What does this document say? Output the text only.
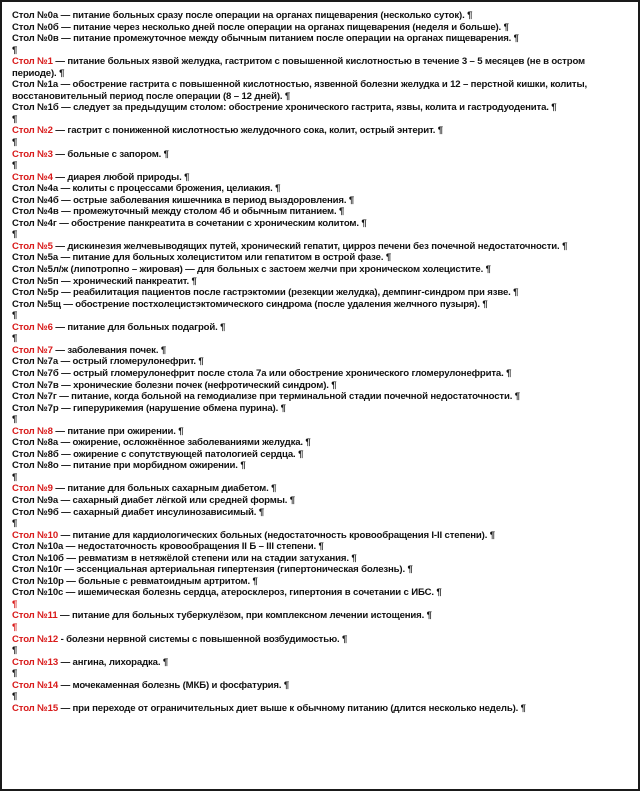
Стол №0а — питание больных сразу после операции на органах пищеварения (несколько суток). ¶
Стол №0б — питание через несколько дней после операции на органах пищеварения (неделя и больше). ¶
Стол №0в — питание промежуточное между обычным питанием после операции на органах пищеварения. ¶
¶
Стол №1 — питание больных язвой желудка, гастритом с повышенной кислотностью в течение 3 – 5 месяцев (не в остром периоде). ¶
Стол №1а — обострение гастрита с повышенной кислотностью, язвенной болезни желудка и 12 – перстной кишки, колиты, восстановительный период после операции (8 – 12 дней). ¶
Стол №1б — следует за предыдущим столом: обострение хронического гастрита, язвы, колита и гастродуоденита. ¶
¶
Стол №2 — гастрит с пониженной кислотностью желудочного сока, колит, острый энтерит. ¶
¶
Стол №3 — больные с запором. ¶
¶
Стол №4 — диарея любой природы. ¶
Стол №4а — колиты с процессами брожения, целиакия. ¶
Стол №4б — острые заболевания кишечника в период выздоровления. ¶
Стол №4в — промежуточный между столом 4б и обычным питанием. ¶
Стол №4г — обострение панкреатита в сочетании с хроническим колитом. ¶
¶
Стол №5 — дискинезия желчевыводящих путей, хронический гепатит, цирроз печени без почечной недостаточности. ¶
Стол №5а — питание для больных холециститом или гепатитом в острой фазе. ¶
Стол №5л/ж (липотропно – жировая) — для больных с застоем желчи при хроническом холецистите. ¶
Стол №5п — хронический панкреатит. ¶
Стол №5р — реабилитация пациентов после гастрэктомии (резекции желудка), демпинг-синдром при язве. ¶
Стол №5щ — обострение постхолецистэктомического синдрома (после удаления желчного пузыря). ¶
¶
Стол №6 — питание для больных подагрой. ¶
¶
Стол №7 — заболевания почек. ¶
Стол №7а — острый гломерулонефрит. ¶
Стол №7б — острый гломерулонефрит после стола 7а или обострение хронического гломерулонефрита. ¶
Стол №7в — хронические болезни почек (нефротический синдром). ¶
Стол №7г — питание, когда больной на гемодиализе при терминальной стадии почечной недостаточности. ¶
Стол №7р — гиперурикемия (нарушение обмена пурина). ¶
¶
Стол №8 — питание при ожирении. ¶
Стол №8а — ожирение, осложнённое заболеваниями желудка. ¶
Стол №8б — ожирение с сопутствующей патологией сердца. ¶
Стол №8о — питание при морбидном ожирении. ¶
¶
Стол №9 — питание для больных сахарным диабетом. ¶
Стол №9а — сахарный диабет лёгкой или средней формы. ¶
Стол №9б — сахарный диабет инсулинозависимый. ¶
¶
Стол №10 — питание для кардиологических больных (недостаточность кровообращения I-II степени). ¶
Стол №10а — недостаточность кровообращения II Б – III степени. ¶
Стол №10б — ревматизм в нетяжёлой степени или на стадии затухания. ¶
Стол №10г — эссенциальная артериальная гипертензия (гипертоническая болезнь). ¶
Стол №10р — больные с ревматоидным артритом. ¶
Стол №10с — ишемическая болезнь сердца, атеросклероз, гипертония в сочетании с ИБС. ¶
¶
Стол №11 — питание для больных туберкулёзом, при комплексном лечении истощения. ¶
¶
Стол №12 - болезни нервной системы с повышенной возбудимостью. ¶
¶
Стол №13 — ангина, лихорадка. ¶
¶
Стол №14 — мочекаменная болезнь (МКБ) и фосфатурия. ¶
¶
Стол №15 — при переходе от ограничительных диет выше к обычному питанию (длится несколько недель). ¶
